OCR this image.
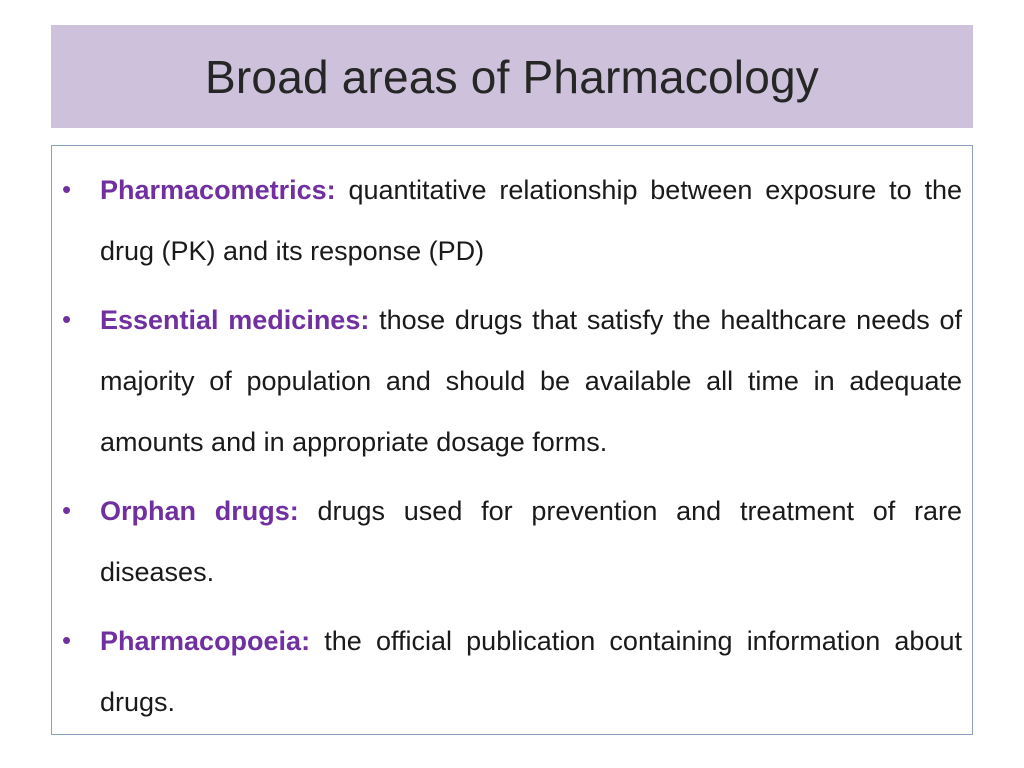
Broad areas of Pharmacology
• Pharmacometrics: quantitative relationship between exposure to the drug (PK) and its response (PD)
• Essential medicines: those drugs that satisfy the healthcare needs of majority of population and should be available all time in adequate amounts and in appropriate dosage forms.
• Orphan drugs: drugs used for prevention and treatment of rare diseases.
• Pharmacopoeia: the official publication containing information about drugs.
